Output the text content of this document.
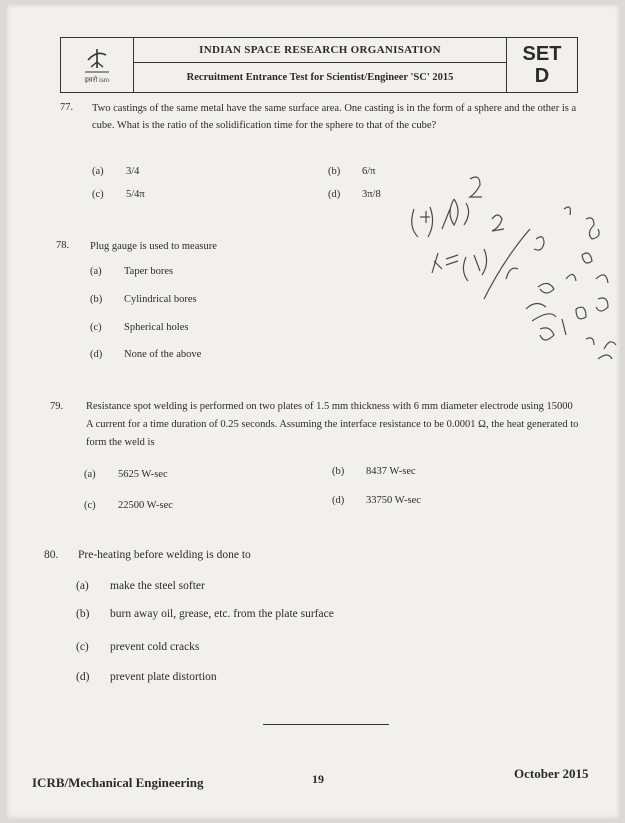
इसरो isro
INDIAN SPACE RESEARCH ORGANISATION
Recruitment Entrance Test for Scientist/Engineer 'SC' 2015
SET
D
77. Two castings of the same metal have the same surface area. One casting is in the form of a sphere and the other is a cube. What is the ratio of the solidification time for the sphere to that of the cube?
(a) 3/4	(b) 6/π
(c) 5/4π	(d) 3π/8
78. Plug gauge is used to measure
(a) Taper bores
(b) Cylindrical bores
(c) Spherical holes
(d) None of the above
79. Resistance spot welding is performed on two plates of 1.5 mm thickness with 6 mm diameter electrode using 15000 A current for a time duration of 0.25 seconds. Assuming the interface resistance to be 0.0001 Ω, the heat generated to form the weld is
(a) 5625 W-sec	(b) 8437 W-sec
(c) 22500 W-sec	(d) 33750 W-sec
80. Pre-heating before welding is done to
(a) make the steel softer
(b) burn away oil, grease, etc. from the plate surface
(c) prevent cold cracks
(d) prevent plate distortion
ICRB/Mechanical Engineering	19	October 2015
